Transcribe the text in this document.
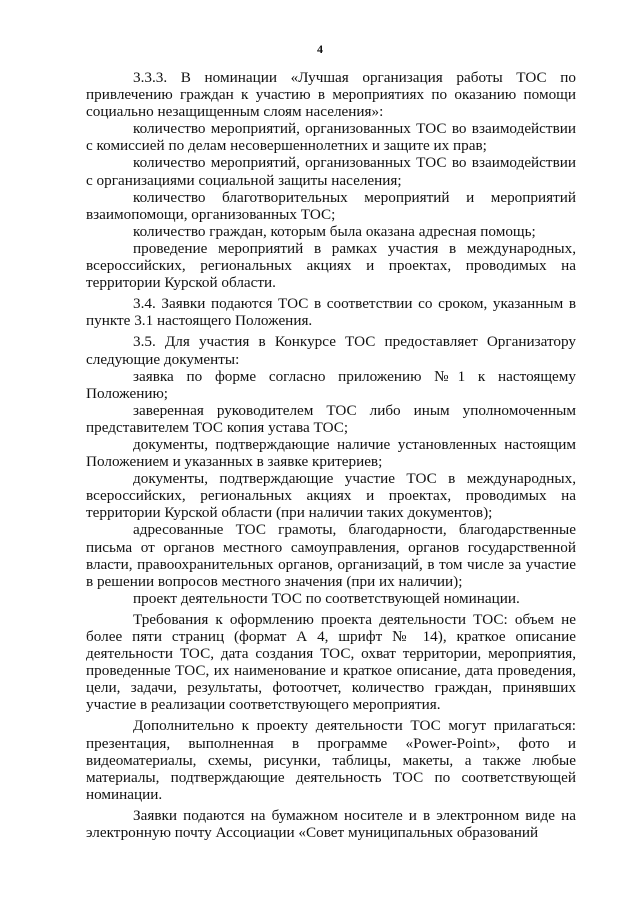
4

3.3.3. В номинации «Лучшая организация работы ТОС по привлечению граждан к участию в мероприятиях по оказанию помощи социально незащищенным слоям населения»:

количество мероприятий, организованных ТОС во взаимодействии с комиссией по делам несовершеннолетних и защите их прав;

количество мероприятий, организованных ТОС во взаимодействии с организациями социальной защиты населения;

количество благотворительных мероприятий и мероприятий взаимопомощи, организованных ТОС;

количество граждан, которым была оказана адресная помощь;

проведение мероприятий в рамках участия в международных, всероссийских, региональных акциях и проектах, проводимых на территории Курской области.

3.4. Заявки подаются ТОС в соответствии со сроком, указанным в пункте 3.1 настоящего Положения.

3.5. Для участия в Конкурсе ТОС предоставляет Организатору следующие документы:

заявка по форме согласно приложению №1 к настоящему Положению;

заверенная руководителем ТОС либо иным уполномоченным представителем ТОС копия устава ТОС;

документы, подтверждающие наличие установленных настоящим Положением и указанных в заявке критериев;

документы, подтверждающие участие ТОС в международных, всероссийских, региональных акциях и проектах, проводимых на территории Курской области (при наличии таких документов);

адресованные ТОС грамоты, благодарности, благодарственные письма от органов местного самоуправления, органов государственной власти, правоохранительных органов, организаций, в том числе за участие в решении вопросов местного значения (при их наличии);

проект деятельности ТОС по соответствующей номинации.

Требования к оформлению проекта деятельности ТОС: объем не более пяти страниц (формат А 4, шрифт № 14), краткое описание деятельности ТОС, дата создания ТОС, охват территории, мероприятия, проведенные ТОС, их наименование и краткое описание, дата проведения, цели, задачи, результаты, фотоотчет, количество граждан, принявших участие в реализации соответствующего мероприятия.

Дополнительно к проекту деятельности ТОС могут прилагаться: презентация, выполненная в программе «Power-Point», фото и видеоматериалы, схемы, рисунки, таблицы, макеты, а также любые материалы, подтверждающие деятельность ТОС по соответствующей номинации.

Заявки подаются на бумажном носителе и в электронном виде на электронную почту Ассоциации «Совет муниципальных образований
